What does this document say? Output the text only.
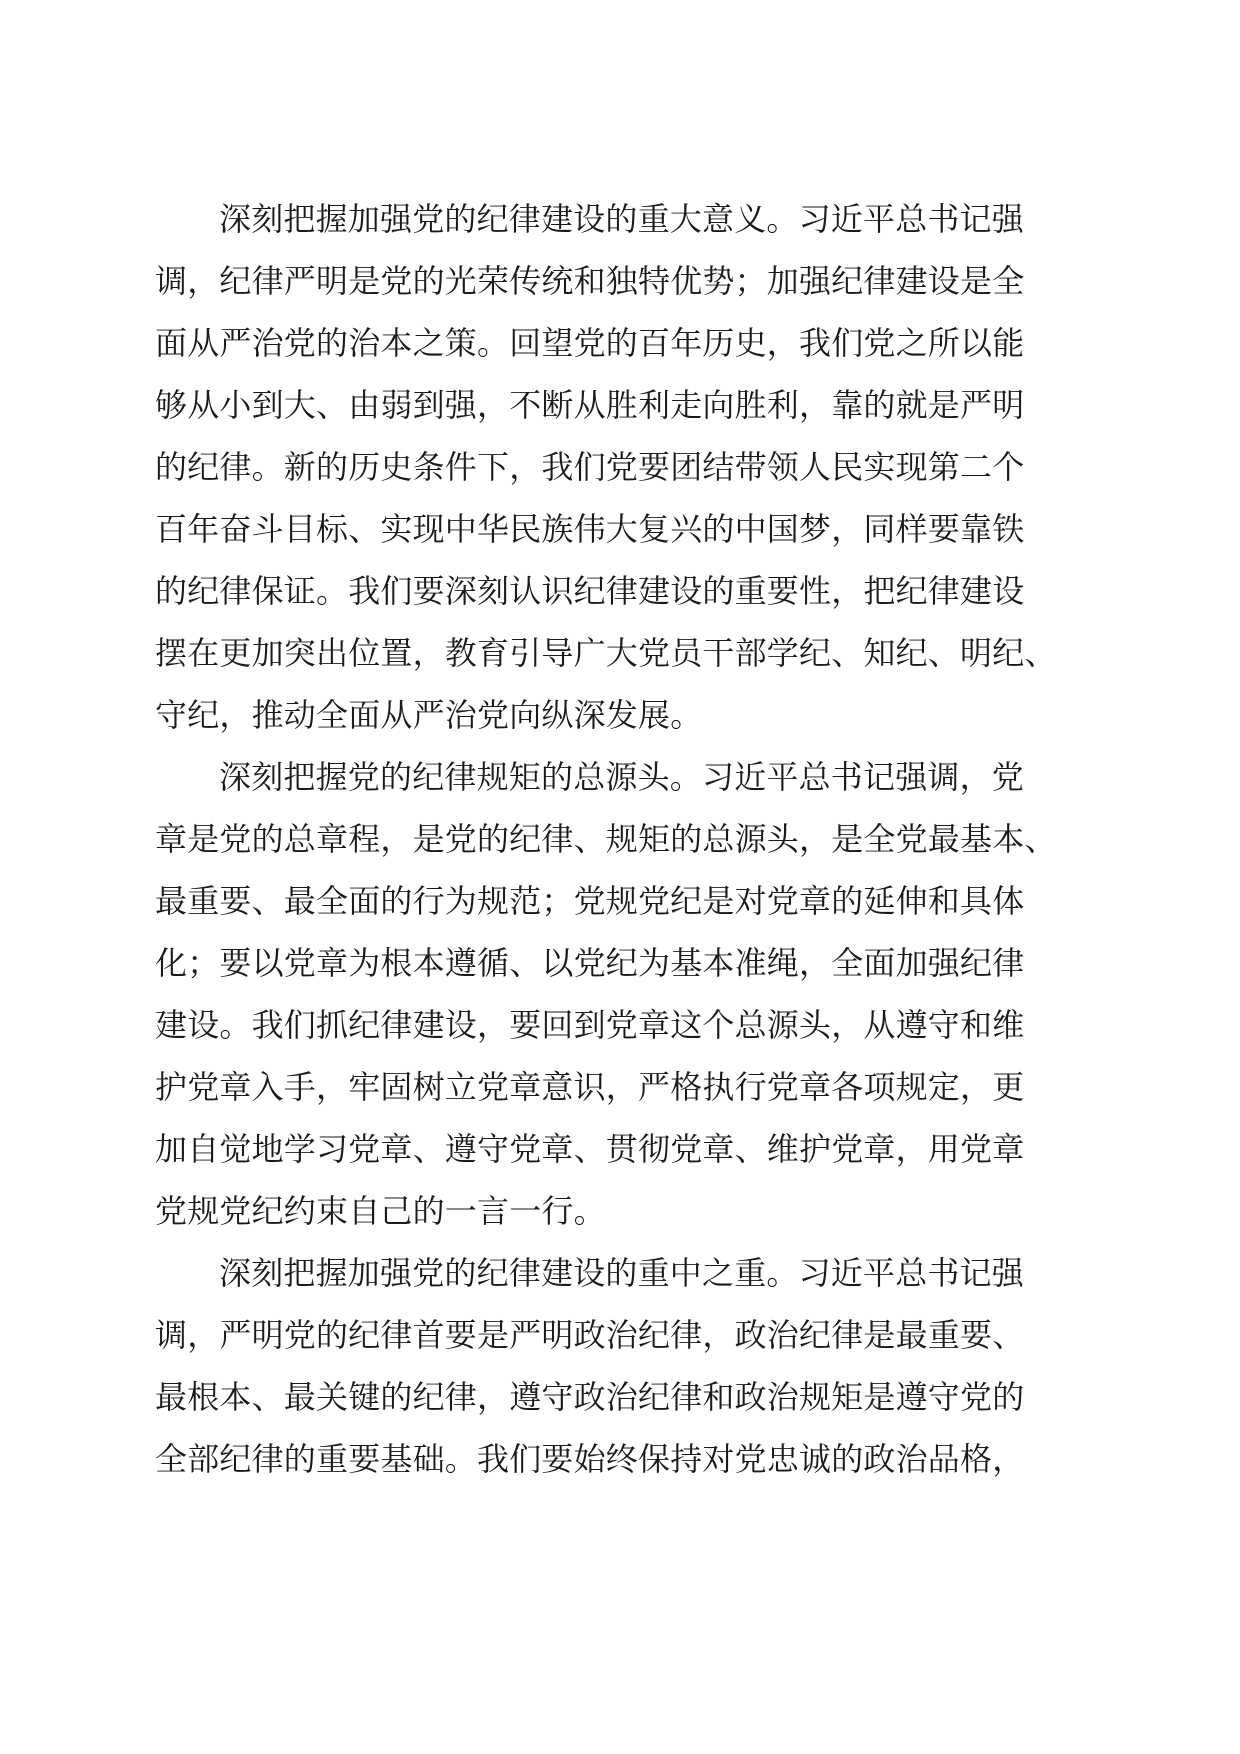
深刻把握加强党的纪律建设的重大意义。习近平总书记强
调，纪律严明是党的光荣传统和独特优势；加强纪律建设是全
面从严治党的治本之策。回望党的百年历史，我们党之所以能
够从小到大、由弱到强，不断从胜利走向胜利，靠的就是严明
的纪律。新的历史条件下，我们党要团结带领人民实现第二个
百年奋斗目标、实现中华民族伟大复兴的中国梦，同样要靠铁
的纪律保证。我们要深刻认识纪律建设的重要性，把纪律建设
摆在更加突出位置，教育引导广大党员干部学纪、知纪、明纪、
守纪，推动全面从严治党向纵深发展。
深刻把握党的纪律规矩的总源头。习近平总书记强调，党
章是党的总章程，是党的纪律、规矩的总源头，是全党最基本、
最重要、最全面的行为规范；党规党纪是对党章的延伸和具体
化；要以党章为根本遵循、以党纪为基本准绳，全面加强纪律
建设。我们抓纪律建设，要回到党章这个总源头，从遵守和维
护党章入手，牢固树立党章意识，严格执行党章各项规定，更
加自觉地学习党章、遵守党章、贯彻党章、维护党章，用党章
党规党纪约束自己的一言一行。
深刻把握加强党的纪律建设的重中之重。习近平总书记强
调，严明党的纪律首要是严明政治纪律，政治纪律是最重要、
最根本、最关键的纪律，遵守政治纪律和政治规矩是遵守党的
全部纪律的重要基础。我们要始终保持对党忠诚的政治品格，
